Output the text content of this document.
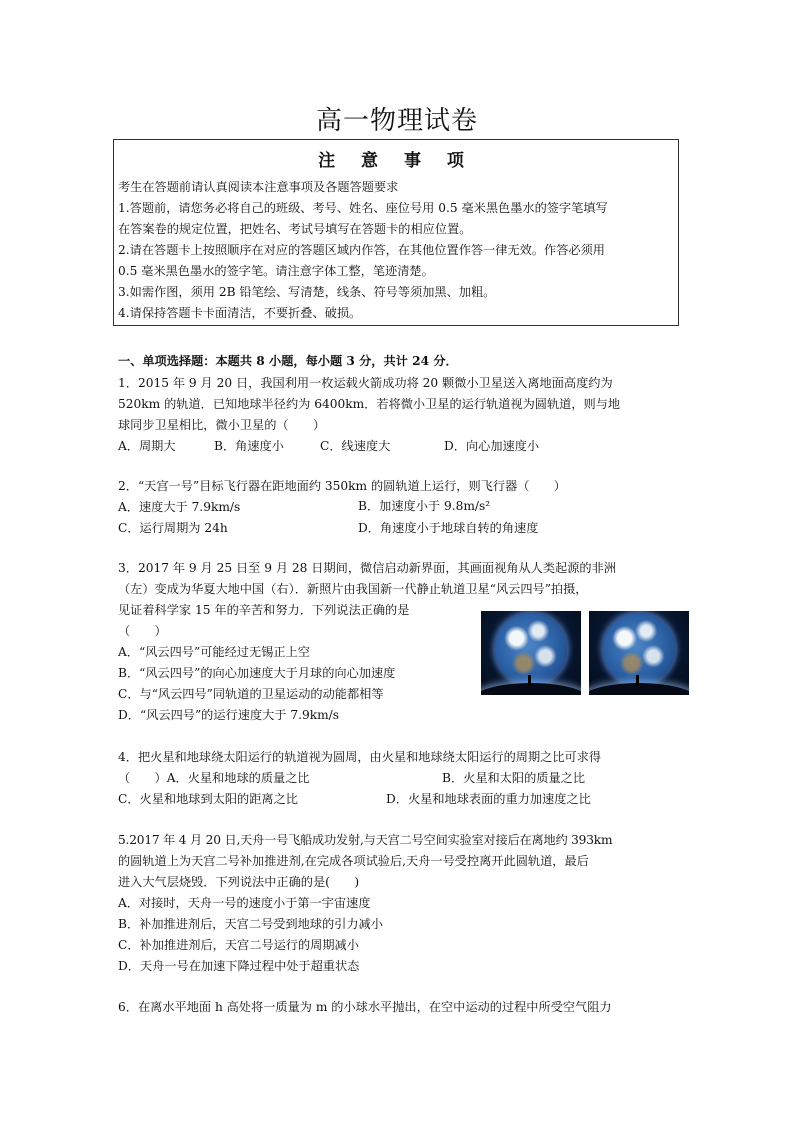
高一物理试卷
注 意 事 项

考生在答题前请认真阅读本注意事项及各题答题要求

1.答题前，请您务必将自己的班级、考号、姓名、座位号用 0.5 毫米黑色墨水的签字笔填写

在答案卷的规定位置，把姓名、考试号填写在答题卡的相应位置。

2.请在答题卡上按照顺序在对应的答题区域内作答，在其他位置作答一律无效。作答必须用

0.5 毫米黑色墨水的签字笔。请注意字体工整，笔迹清楚。

3.如需作图，须用 2B 铅笔绘、写清楚，线条、符号等须加黑、加粗。

4.请保持答题卡卡面清洁，不要折叠、破损。

一、单项选择题：本题共 8 小题，每小题 3 分，共计 24 分．
1．2015 年 9 月 20 日，我国利用一枚运载火箭成功将 20 颗微小卫星送入离地面高度约为
520km 的轨道．已知地球半径约为 6400km．若将微小卫星的运行轨道视为圆轨道，则与地
球同步卫星相比，微小卫星的（　　）
A．周期大	B．角速度小	C．线速度大	D．向心加速度小
2．“天宫一号”目标飞行器在距地面约 350km 的圆轨道上运行，则飞行器（　　）
A．速度大于 7.9km/s	B．加速度小于 9.8m/s²
C．运行周期为 24h	D．角速度小于地球自转的角速度
3．2017 年 9 月 25 日至 9 月 28 日期间，微信启动新界面，其画面视角从人类起源的非洲
（左）变成为华夏大地中国（右）．新照片由我国新一代静止轨道卫星“风云四号”拍摄，
见证着科学家 15 年的辛苦和努力．下列说法正确的是
（　　）
A．“风云四号”可能经过无锡正上空
B．“风云四号”的向心加速度大于月球的向心加速度
C．与“风云四号”同轨道的卫星运动的动能都相等
D．“风云四号”的运行速度大于 7.9km/s
4．把火星和地球绕太阳运行的轨道视为圆周，由火星和地球绕太阳运行的周期之比可求得
（　　）A．火星和地球的质量之比	B．火星和太阳的质量之比
C．火星和地球到太阳的距离之比	D．火星和地球表面的重力加速度之比
5.2017 年 4 月 20 日,天舟一号飞船成功发射,与天宫二号空间实验室对接后在离地约 393km
的圆轨道上为天宫二号补加推进剂,在完成各项试验后,天舟一号受控离开此圆轨道，最后
进入大气层烧毁．下列说法中正确的是(　　)
A．对接时，天舟一号的速度小于第一宇宙速度
B．补加推进剂后，天宫二号受到地球的引力减小
C．补加推进剂后，天宫二号运行的周期减小
D．天舟一号在加速下降过程中处于超重状态
6．在离水平地面 h 高处将一质量为 m 的小球水平抛出，在空中运动的过程中所受空气阻力
